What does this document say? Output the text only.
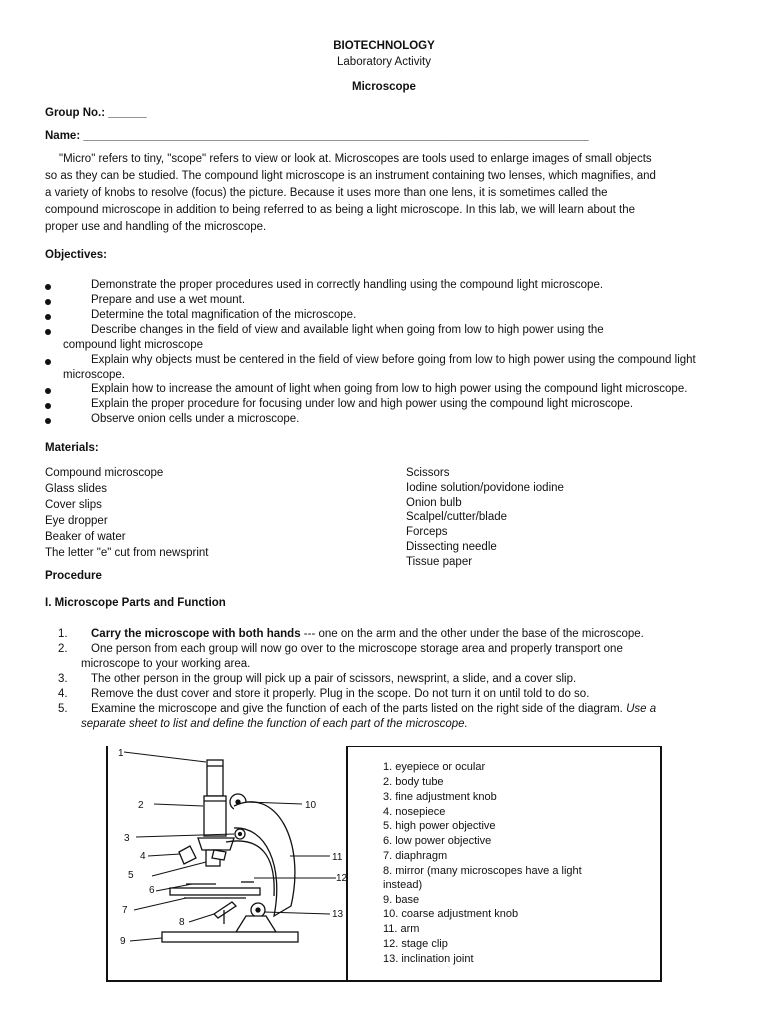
BIOTECHNOLOGY
Laboratory Activity
Microscope
Group No.: ______
Name: _______________________________________________________________________________
"Micro" refers to tiny, "scope" refers to view or look at. Microscopes are tools used to enlarge images of small objects
so as they can be studied. The compound light microscope is an instrument containing two lenses, which magnifies, and
a variety of knobs to resolve (focus) the picture. Because it uses more than one lens, it is sometimes called the
compound microscope in addition to being referred to as being a light microscope. In this lab, we will learn about the
proper use and handling of the microscope.
Objectives:
Demonstrate the proper procedures used in correctly handling using the compound light microscope.
Prepare and use a wet mount.
Determine the total magnification of the microscope.
Describe changes in the field of view and available light when going from low to high power using the
compound light microscope
Explain why objects must be centered in the field of view before going from low to high power using the compound light
microscope.
Explain how to increase the amount of light when going from low to high power using the compound light microscope.
Explain the proper procedure for focusing under low and high power using the compound light microscope.
Observe onion cells under a microscope.
Materials:
Compound microscope
Glass slides
Cover slips
Eye dropper
Beaker of water
The letter "e" cut from newsprint
Scissors
Iodine solution/povidone iodine
Onion bulb
Scalpel/cutter/blade
Forceps
Dissecting needle
Tissue paper
Procedure
I. Microscope Parts and Function
1. Carry the microscope with both hands --- one on the arm and the other under the base of the microscope.
2. One person from each group will now go over to the microscope storage area and properly transport one
microscope to your working area.
3. The other person in the group will pick up a pair of scissors, newsprint, a slide, and a cover slip.
4. Remove the dust cover and store it properly. Plug in the scope. Do not turn it on until told to do so.
5. Examine the microscope and give the function of each of the parts listed on the right side of the diagram. Use a
separate sheet to list and define the function of each part of the microscope.
1
2
3
4
5
6
7
8
9
10
11
12
13
1. eyepiece or ocular
2. body tube
3. fine adjustment knob
4. nosepiece
5. high power objective
6. low power objective
7. diaphragm
8. mirror (many microscopes have a light
instead)
9. base
10. coarse adjustment knob
11. arm
12. stage clip
13. inclination joint
